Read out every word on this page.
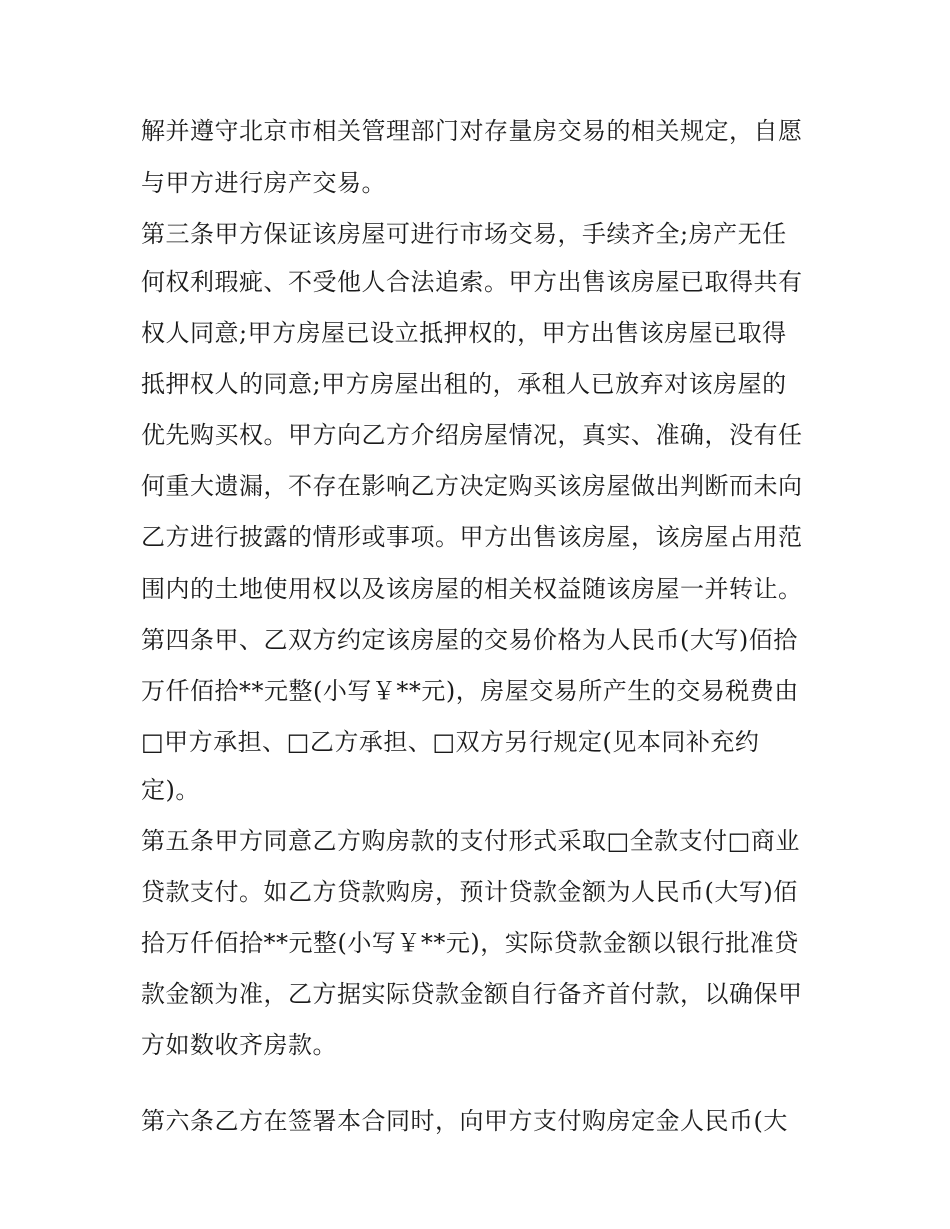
解并遵守北京市相关管理部门对存量房交易的相关规定，自愿
与甲方进行房产交易。
第三条甲方保证该房屋可进行市场交易，手续齐全;房产无任
何权利瑕疵、不受他人合法追索。甲方出售该房屋已取得共有
权人同意;甲方房屋已设立抵押权的，甲方出售该房屋已取得
抵押权人的同意;甲方房屋出租的，承租人已放弃对该房屋的
优先购买权。甲方向乙方介绍房屋情况，真实、准确，没有任
何重大遗漏，不存在影响乙方决定购买该房屋做出判断而未向
乙方进行披露的情形或事项。甲方出售该房屋，该房屋占用范
围内的土地使用权以及该房屋的相关权益随该房屋一并转让。
第四条甲、乙双方约定该房屋的交易价格为人民币(大写)佰拾
万仟佰拾**元整(小写￥**元)，房屋交易所产生的交易税费由
□甲方承担、□乙方承担、□双方另行规定(见本同补充约
定)。
第五条甲方同意乙方购房款的支付形式采取□全款支付□商业
贷款支付。如乙方贷款购房，预计贷款金额为人民币(大写)佰
拾万仟佰拾**元整(小写￥**元)，实际贷款金额以银行批准贷
款金额为准，乙方据实际贷款金额自行备齐首付款，以确保甲
方如数收齐房款。
第六条乙方在签署本合同时，向甲方支付购房定金人民币(大
